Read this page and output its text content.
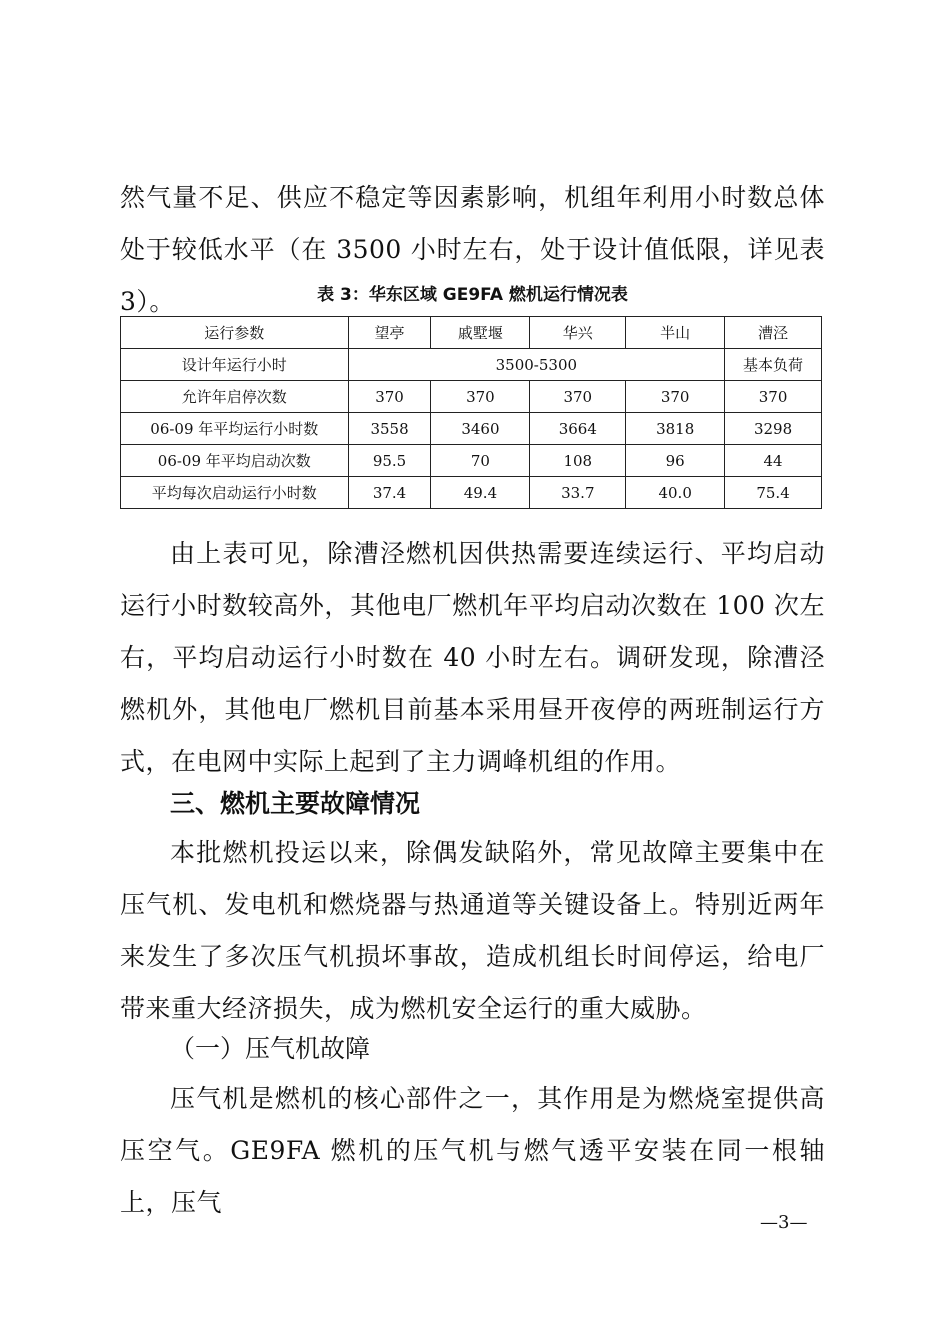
然气量不足、供应不稳定等因素影响，机组年利用小时数总体处于较低水平（在 3500 小时左右，处于设计值低限，详见表 3）。	表 3：华东区域 GE9FA 燃机运行情况表

运行参数	望亭	戚墅堰	华兴	半山	漕泾
设计年运行小时	3500-5300				基本负荷
允许年启停次数	370	370	370	370	370
06-09 年平均运行小时数	3558	3460	3664	3818	3298
06-09 年平均启动次数	95.5	70	108	96	44
平均每次启动运行小时数	37.4	49.4	33.7	40.0	75.4

由上表可见，除漕泾燃机因供热需要连续运行、平均启动运行小时数较高外，其他电厂燃机年平均启动次数在 100 次左右，平均启动运行小时数在 40 小时左右。调研发现，除漕泾燃机外，其他电厂燃机目前基本采用昼开夜停的两班制运行方式，在电网中实际上起到了主力调峰机组的作用。

三、燃机主要故障情况

本批燃机投运以来，除偶发缺陷外，常见故障主要集中在压气机、发电机和燃烧器与热通道等关键设备上。特别近两年来发生了多次压气机损坏事故，造成机组长时间停运，给电厂带来重大经济损失，成为燃机安全运行的重大威胁。

（一）压气机故障

压气机是燃机的核心部件之一，其作用是为燃烧室提供高压空气。GE9FA 燃机的压气机与燃气透平安装在同一根轴上，压气

—3—
